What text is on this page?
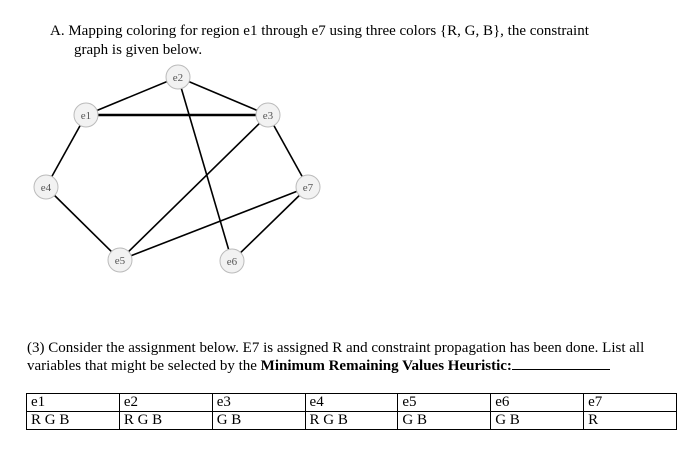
A. Mapping coloring for region e1 through e7 using three colors {R, G, B}, the constraint
graph is given below.
e1
e2
e3
e4
e5	e6
e7
(3) Consider the assignment below. E7 is assigned R and constraint propagation has been done. List all variables that might be selected by the Minimum Remaining Values Heuristic:
e1	e2	e3	e4	e5	e6	e7
R G B	R G B	G B	R G B	G B	G B	R
